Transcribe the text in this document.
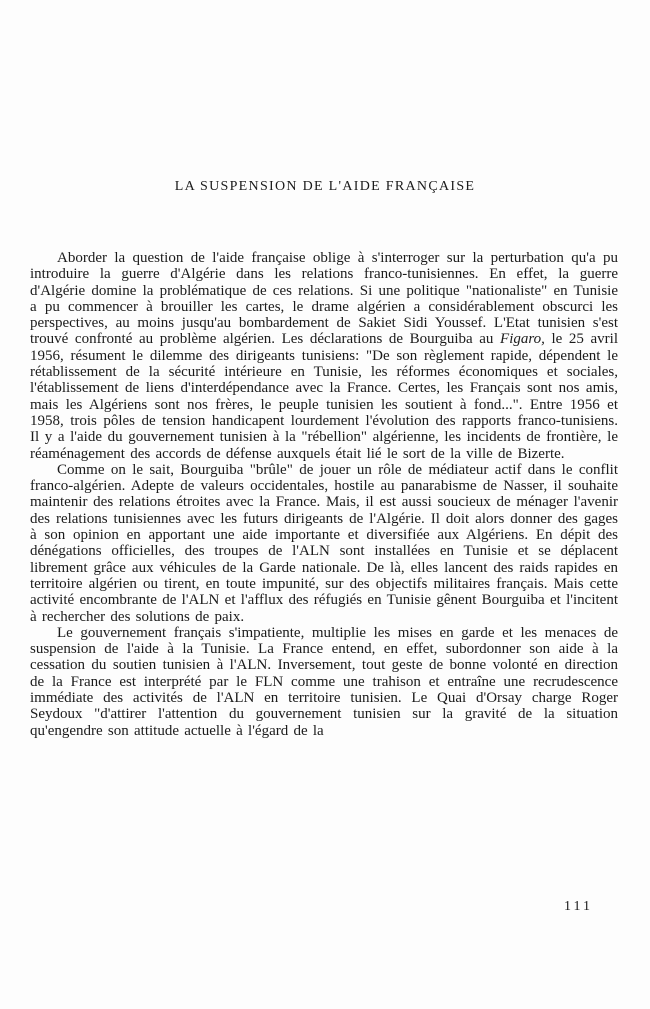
LA SUSPENSION DE L'AIDE FRANÇAISE

Aborder la question de l'aide française oblige à s'interroger sur la perturbation qu'a pu introduire la guerre d'Algérie dans les relations franco-tunisiennes. En effet, la guerre d'Algérie domine la problématique de ces relations. Si une politique "nationaliste" en Tunisie a pu commencer à brouiller les cartes, le drame algérien a considérablement obscurci les perspectives, au moins jusqu'au bombardement de Sakiet Sidi Youssef. L'Etat tunisien s'est trouvé confronté au problème algérien. Les déclarations de Bourguiba au Figaro, le 25 avril 1956, résument le dilemme des dirigeants tunisiens: "De son règlement rapide, dépendent le rétablissement de la sécurité intérieure en Tunisie, les réformes économiques et sociales, l'établissement de liens d'interdépendance avec la France. Certes, les Français sont nos amis, mais les Algériens sont nos frères, le peuple tunisien les soutient à fond...". Entre 1956 et 1958, trois pôles de tension handicapent lourdement l'évolution des rapports franco-tunisiens. Il y a l'aide du gouvernement tunisien à la "rébellion" algérienne, les incidents de frontière, le réaménagement des accords de défense auxquels était lié le sort de la ville de Bizerte.

Comme on le sait, Bourguiba "brûle" de jouer un rôle de médiateur actif dans le conflit franco-algérien. Adepte de valeurs occidentales, hostile au panarabisme de Nasser, il souhaite maintenir des relations étroites avec la France. Mais, il est aussi soucieux de ménager l'avenir des relations tunisiennes avec les futurs dirigeants de l'Algérie. Il doit alors donner des gages à son opinion en apportant une aide importante et diversifiée aux Algériens. En dépit des dénégations officielles, des troupes de l'ALN sont installées en Tunisie et se déplacent librement grâce aux véhicules de la Garde nationale. De là, elles lancent des raids rapides en territoire algérien ou tirent, en toute impunité, sur des objectifs militaires français. Mais cette activité encombrante de l'ALN et l'afflux des réfugiés en Tunisie gênent Bourguiba et l'incitent à rechercher des solutions de paix.

Le gouvernement français s'impatiente, multiplie les mises en garde et les menaces de suspension de l'aide à la Tunisie. La France entend, en effet, subordonner son aide à la cessation du soutien tunisien à l'ALN. Inversement, tout geste de bonne volonté en direction de la France est interprété par le FLN comme une trahison et entraîne une recrudescence immédiate des activités de l'ALN en territoire tunisien. Le Quai d'Orsay charge Roger Seydoux "d'attirer l'attention du gouvernement tunisien sur la gravité de la situation qu'engendre son attitude actuelle à l'égard de la

111
